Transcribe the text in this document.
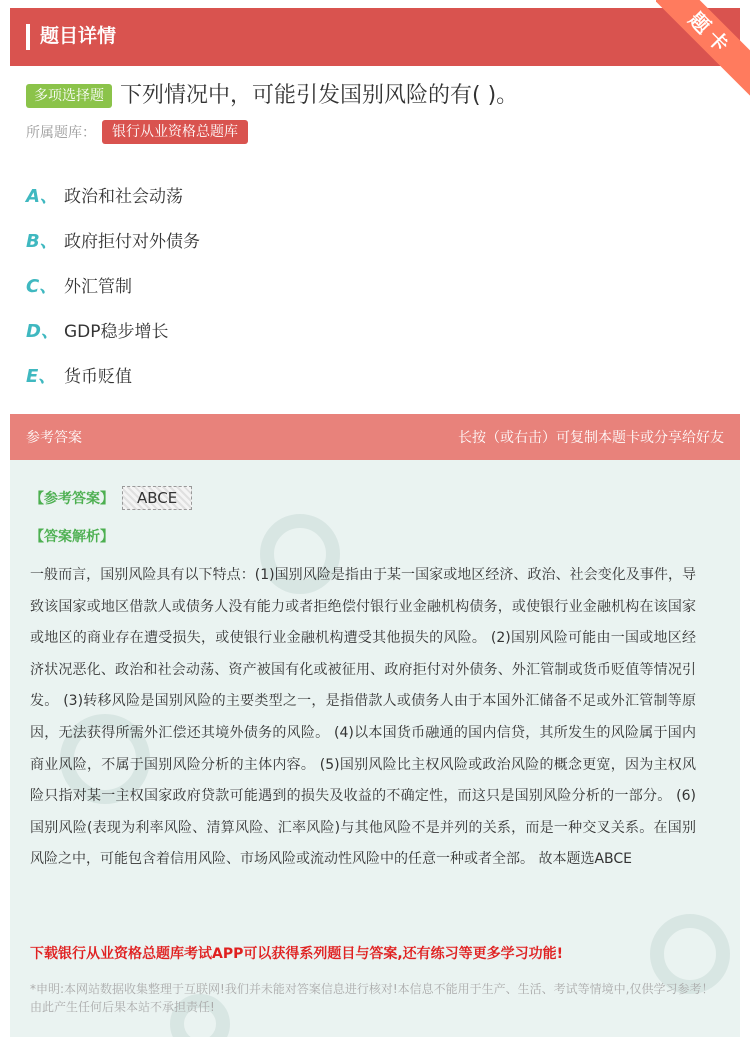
题目详情	题卡
多项选择题 下列情况中，可能引发国别风险的有( )。
所属题库：	银行从业资格总题库
A、 政治和社会动荡
B、 政府拒付对外债务
C、 外汇管制
D、 GDP稳步增长
E、 货币贬值
参考答案	长按（或右击）可复制本题卡或分享给好友
【参考答案】	ABCE
【答案解析】
一般而言，国别风险具有以下特点：(1)国别风险是指由于某一国家或地区经济、政治、社会变化及事件，导致该国家或地区借款人或债务人没有能力或者拒绝偿付银行业金融机构债务，或使银行业金融机构在该国家或地区的商业存在遭受损失，或使银行业金融机构遭受其他损失的风险。 (2)国别风险可能由一国或地区经济状况恶化、政治和社会动荡、资产被国有化或被征用、政府拒付对外债务、外汇管制或货币贬值等情况引发。 (3)转移风险是国别风险的主要类型之一，是指借款人或债务人由于本国外汇储备不足或外汇管制等原因，无法获得所需外汇偿还其境外债务的风险。 (4)以本国货币融通的国内信贷，其所发生的风险属于国内商业风险，不属于国别风险分析的主体内容。 (5)国别风险比主权风险或政治风险的概念更宽，因为主权风险只指对某一主权国家政府贷款可能遇到的损失及收益的不确定性，而这只是国别风险分析的一部分。 (6)国别风险(表现为利率风险、清算风险、汇率风险)与其他风险不是并列的关系，而是一种交叉关系。在国别风险之中，可能包含着信用风险、市场风险或流动性风险中的任意一种或者全部。 故本题选ABCE
下载银行从业资格总题库考试APP可以获得系列题目与答案,还有练习等更多学习功能!
*申明:本网站数据收集整理于互联网!我们并未能对答案信息进行核对!本信息不能用于生产、生活、考试等情境中,仅供学习参考！由此产生任何后果本站不承担责任!
